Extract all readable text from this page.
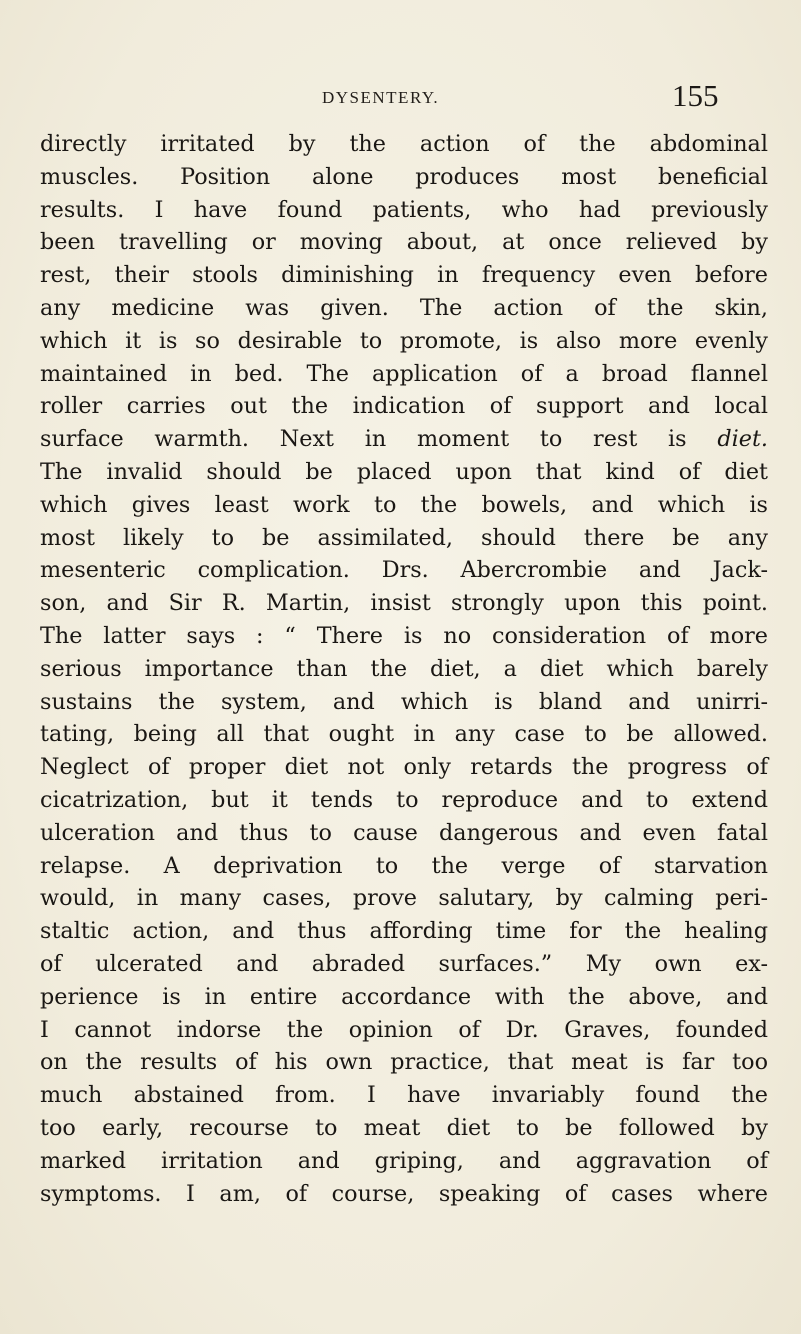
DYSENTERY.	155
directly irritated by the action of the abdominal
muscles. Position alone produces most beneficial
results. I have found patients, who had previously
been travelling or moving about, at once relieved by
rest, their stools diminishing in frequency even before
any medicine was given. The action of the skin,
which it is so desirable to promote, is also more evenly
maintained in bed. The application of a broad flannel
roller carries out the indication of support and local
surface warmth. Next in moment to rest is diet.
The invalid should be placed upon that kind of diet
which gives least work to the bowels, and which is
most likely to be assimilated, should there be any
mesenteric complication. Drs. Abercrombie and Jack-
son, and Sir R. Martin, insist strongly upon this point.
The latter says : “ There is no consideration of more
serious importance than the diet, a diet which barely
sustains the system, and which is bland and unirri-
tating, being all that ought in any case to be allowed.
Neglect of proper diet not only retards the progress of
cicatrization, but it tends to reproduce and to extend
ulceration and thus to cause dangerous and even fatal
relapse. A deprivation to the verge of starvation
would, in many cases, prove salutary, by calming peri-
staltic action, and thus affording time for the healing
of ulcerated and abraded surfaces.” My own ex-
perience is in entire accordance with the above, and
I cannot indorse the opinion of Dr. Graves, founded
on the results of his own practice, that meat is far too
much abstained from. I have invariably found the
too early, recourse to meat diet to be followed by
marked irritation and griping, and aggravation of
symptoms. I am, of course, speaking of cases where
